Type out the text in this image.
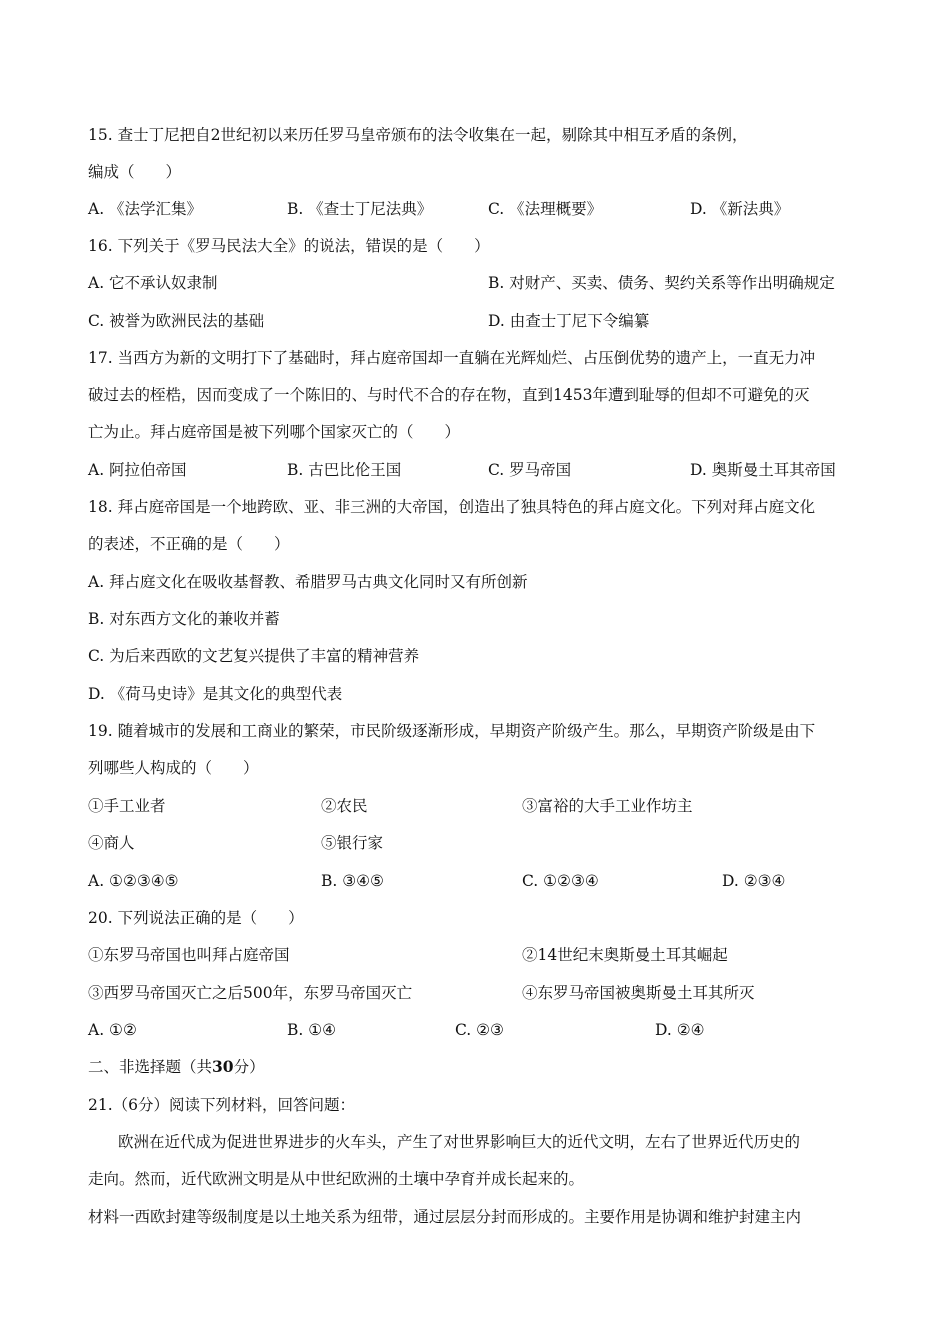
15. 查士丁尼把自2世纪初以来历任罗马皇帝颁布的法令收集在一起，剔除其中相互矛盾的条例，
编成（　　）
A. 《法学汇集》	B. 《查士丁尼法典》	C. 《法理概要》	D. 《新法典》
16. 下列关于《罗马民法大全》的说法，错误的是（　　）
A. 它不承认奴隶制	B. 对财产、买卖、债务、契约关系等作出明确规定
C. 被誉为欧洲民法的基础	D. 由查士丁尼下令编纂
17. 当西方为新的文明打下了基础时，拜占庭帝国却一直躺在光辉灿烂、占压倒优势的遗产上，一直无力冲
破过去的桎梏，因而变成了一个陈旧的、与时代不合的存在物，直到1453年遭到耻辱的但却不可避免的灭
亡为止。拜占庭帝国是被下列哪个国家灭亡的（　　）
A. 阿拉伯帝国	B. 古巴比伦王国	C. 罗马帝国	D. 奥斯曼土耳其帝国
18. 拜占庭帝国是一个地跨欧、亚、非三洲的大帝国，创造出了独具特色的拜占庭文化。下列对拜占庭文化
的表述，不正确的是（　　）
A. 拜占庭文化在吸收基督教、希腊罗马古典文化同时又有所创新
B. 对东西方文化的兼收并蓄
C. 为后来西欧的文艺复兴提供了丰富的精神营养
D. 《荷马史诗》是其文化的典型代表
19. 随着城市的发展和工商业的繁荣，市民阶级逐渐形成，早期资产阶级产生。那么，早期资产阶级是由下
列哪些人构成的（　　）
①手工业者	②农民	③富裕的大手工业作坊主
④商人	⑤银行家
A. ①②③④⑤	B. ③④⑤	C. ①②③④	D. ②③④
20. 下列说法正确的是（　　）
①东罗马帝国也叫拜占庭帝国	②14世纪末奥斯曼土耳其崛起
③西罗马帝国灭亡之后500年，东罗马帝国灭亡	④东罗马帝国被奥斯曼土耳其所灭
A. ①②	B. ①④	C. ②③	D. ②④
二、非选择题（共30分）
21.（6分）阅读下列材料，回答问题：
欧洲在近代成为促进世界进步的火车头，产生了对世界影响巨大的近代文明，左右了世界近代历史的
走向。然而，近代欧洲文明是从中世纪欧洲的土壤中孕育并成长起来的。
材料一西欧封建等级制度是以土地关系为纽带，通过层层分封而形成的。主要作用是协调和维护封建主内
